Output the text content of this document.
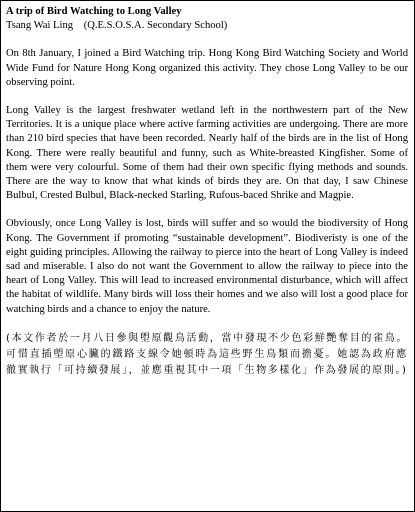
A trip of Bird Watching to Long Valley
Tsang Wai Ling (Q.E.S.O.S.A. Secondary School)

On 8th January, I joined a Bird Watching trip. Hong Kong Bird Watching Society and World Wide Fund for Nature Hong Kong organized this activity. They chose Long Valley to be our observing point.

Long Valley is the largest freshwater wetland left in the northwestern part of the New Territories. It is a unique place where active farming activities are undergoing. There are more than 210 bird species that have been recorded. Nearly half of the birds are in the list of Hong Kong. There were really beautiful and funny, such as White-breasted Kingfisher. Some of them were very colourful. Some of them had their own specific flying methods and sounds. There are the way to know that what kinds of birds they are. On that day, I saw Chinese Bulbul, Crested Bulbul, Black-necked Starling, Rufous-baced Shrike and Magpie.

Obviously, once Long Valley is lost, birds will suffer and so would the biodiversity of Hong Kong. The Government if promoting “sustainable development”. Biodiveristy is one of the eight guiding principles. Allowing the railway to pierce into the heart of Long Valley is indeed sad and miserable. I also do not want the Government to allow the railway to piece into the heart of Long Valley. This will lead to increased environmental disturbance, which will affect the habitat of wildlife. Many birds will loss their homes and we also will lost a good place for watching birds and a chance to enjoy the nature.

(本文作者於一月八日參與塱原觀鳥活動，當中發現不少色彩鮮艷奪目的雀鳥。可惜直插塱原心臟的鐵路支線令她頓時為這些野生鳥類而擔憂。她認為政府應徹實執行「可持續發展」，並應重視其中一項「生物多樣化」作為發展的原則。)
